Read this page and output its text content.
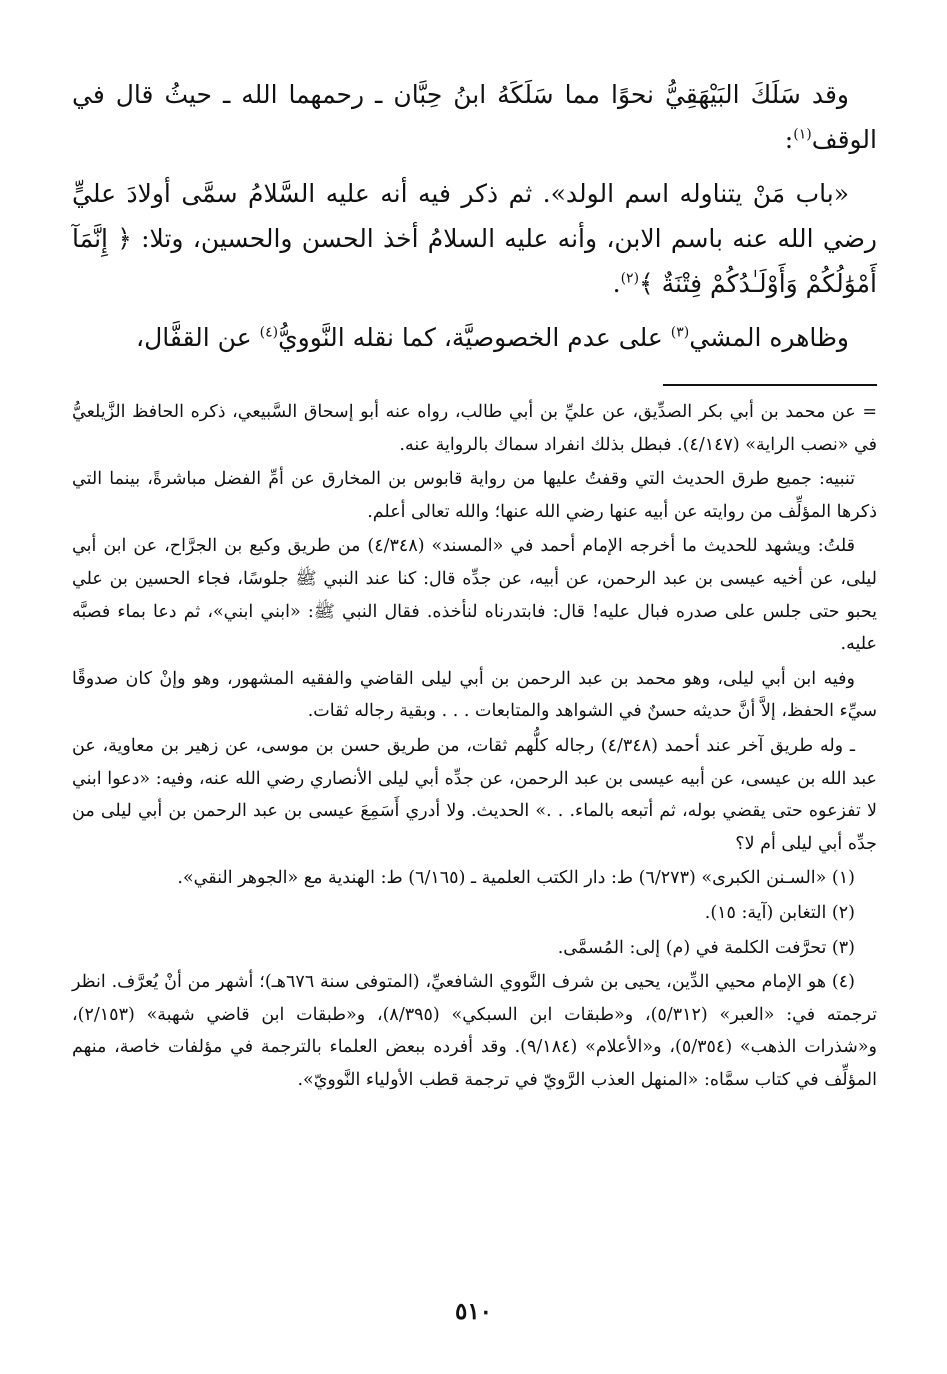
وقد سَلَكَ البَيْهَقِيُّ نحوًا مما سَلَكَهُ ابنُ حِبَّان ـ رحمهما الله ـ حيثُ قال في الوقف$^{(١)}$:

«باب مَنْ يتناوله اسم الولد». ثم ذكر فيه أنه عليه السَّلامُ سمَّى أولادَ عليٍّ رضي الله عنه باسم الابن، وأنه عليه السلامُ أخذ الحسن والحسين، وتلا: ﴿ إِنَّمَآ أَمْوَٰلُكُمْ وَأَوْلَـٰدُكُمْ فِتْنَةٌ ﴾$^{(٢)}$.

وظاهره المشي$^{(٣)}$ على عدم الخصوصيَّة، كما نقله النَّوويُّ$^{(٤)}$ عن القفَّال،

= عن محمد بن أبي بكر الصدِّيق، عن عليِّ بن أبي طالب، رواه عنه أبو إسحاق السَّبيعي، ذكره الحافظ الزَّيلعيُّ في «نصب الراية» (٤/١٤٧). فبطل بذلك انفراد سماك بالرواية عنه.

تنبيه: جميع طرق الحديث التي وقفتُ عليها من رواية قابوس بن المخارق عن أمِّ الفضل مباشرةً، بينما التي ذكرها المؤلِّف من روايته عن أبيه عنها رضي الله عنها؛ والله تعالى أعلم.

قلتُ: ويشهد للحديث ما أخرجه الإمام أحمد في «المسند» (٤/٣٤٨) من طريق وكيع بن الجرَّاح، عن ابن أبي ليلى، عن أخيه عيسى بن عبد الرحمن، عن أبيه، عن جدِّه قال: كنا عند النبي ﷺ جلوسًا، فجاء الحسين بن علي يحبو حتى جلس على صدره فبال عليه! قال: فابتدرناه لنأخذه. فقال النبي ﷺ: «ابني ابني»، ثم دعا بماء فصبَّه عليه.

وفيه ابن أبي ليلى، وهو محمد بن عبد الرحمن بن أبي ليلى القاضي والفقيه المشهور، وهو وإنْ كان صدوقًا سيِّء الحفظ، إلاَّ أنَّ حديثه حسنٌ في الشواهد والمتابعات . . . وبقية رجاله ثقات.

ـ وله طريق آخر عند أحمد (٤/٣٤٨) رجاله كلُّهم ثقات، من طريق حسن بن موسى، عن زهير بن معاوية، عن عبد الله بن عيسى، عن أبيه عيسى بن عبد الرحمن، عن جدِّه أبي ليلى الأنصاري رضي الله عنه، وفيه: «دعوا ابني لا تفزعوه حتى يقضي بوله، ثم أتبعه بالماء. . .» الحديث. ولا أدري أَسَمِعَ عيسى بن عبد الرحمن بن أبي ليلى من جدِّه أبي ليلى أم لا؟

(١) «السـنن الكبرى» (٦/٢٧٣) ط: دار الكتب العلمية ـ (٦/١٦٥) ط: الهندية مع «الجوهر النقي».

(٢) التغابن (آية: ١٥).

(٣) تحرَّفت الكلمة في (م) إلى: المُسمَّى.

(٤) هو الإمام محيي الدِّين، يحيى بن شرف النَّووي الشافعيِّ، (المتوفى سنة ٦٧٦هـ)؛ أشهر من أنْ يُعرَّف. انظر ترجمته في: «العبر» (٥/٣١٢)، و«طبقات ابن السبكي» (٨/٣٩٥)، و«طبقات ابن قاضي شهبة» (٢/١٥٣)، و«شذرات الذهب» (٥/٣٥٤)، و«الأعلام» (٩/١٨٤). وقد أفرده ببعض العلماء بالترجمة في مؤلفات خاصة، منهم المؤلِّف في كتاب سمَّاه: «المنهل العذب الرَّويّ في ترجمة قطب الأولياء النَّوويّ».

٥١٠
